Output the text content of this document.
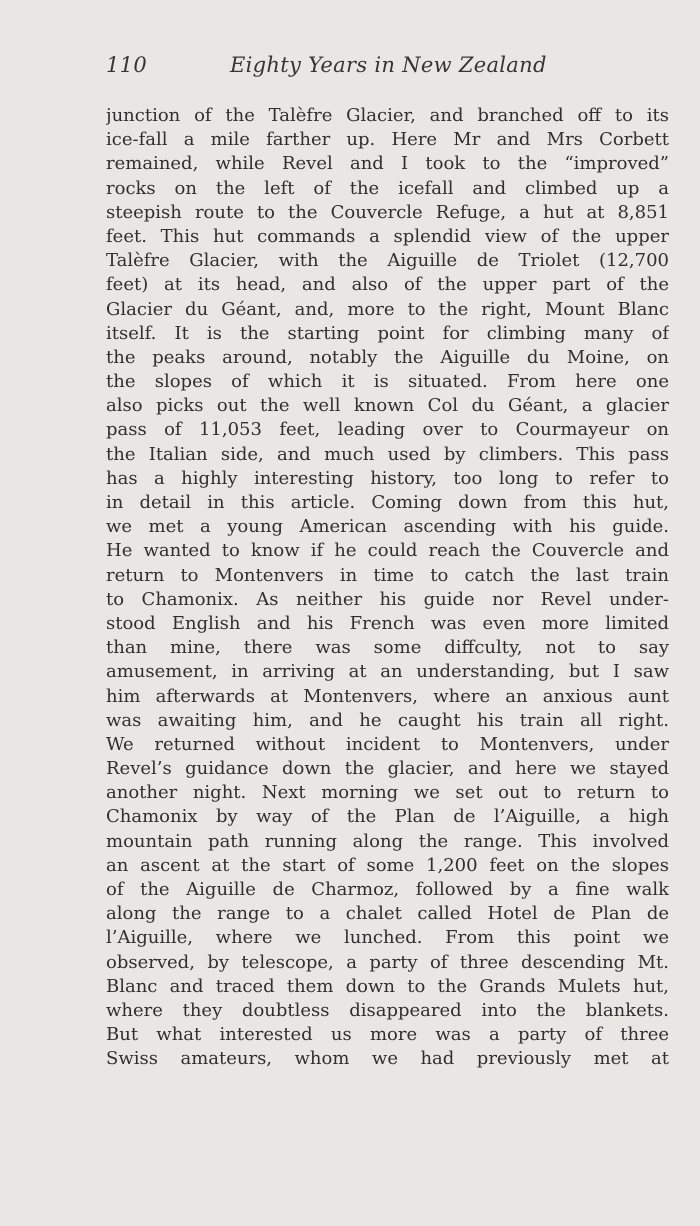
110	Eighty Years in New Zealand
junction of the Talèfre Glacier, and branched off to its
ice-fall a mile farther up. Here Mr and Mrs Corbett
remained, while Revel and I took to the “improved”
rocks on the left of the icefall and climbed up a
steepish route to the Couvercle Refuge, a hut at 8,851
feet. This hut commands a splendid view of the upper
Talèfre Glacier, with the Aiguille de Triolet (12,700
feet) at its head, and also of the upper part of the
Glacier du Géant, and, more to the right, Mount Blanc
itself. It is the starting point for climbing many of
the peaks around, notably the Aiguille du Moine, on
the slopes of which it is situated. From here one
also picks out the well known Col du Géant, a glacier
pass of 11,053 feet, leading over to Courmayeur on
the Italian side, and much used by climbers. This pass
has a highly interesting history, too long to refer to
in detail in this article. Coming down from this hut,
we met a young American ascending with his guide.
He wanted to know if he could reach the Couvercle and
return to Montenvers in time to catch the last train
to Chamonix. As neither his guide nor Revel under-
stood English and his French was even more limited
than mine, there was some diffculty, not to say
amusement, in arriving at an understanding, but I saw
him afterwards at Montenvers, where an anxious aunt
was awaiting him, and he caught his train all right.
We returned without incident to Montenvers, under
Revel’s guidance down the glacier, and here we stayed
another night. Next morning we set out to return to
Chamonix by way of the Plan de l’Aiguille, a high
mountain path running along the range. This involved
an ascent at the start of some 1,200 feet on the slopes
of the Aiguille de Charmoz, followed by a fine walk
along the range to a chalet called Hotel de Plan de
l’Aiguille, where we lunched. From this point we
observed, by telescope, a party of three descending Mt.
Blanc and traced them down to the Grands Mulets hut,
where they doubtless disappeared into the blankets.
But what interested us more was a party of three
Swiss amateurs, whom we had previously met at
